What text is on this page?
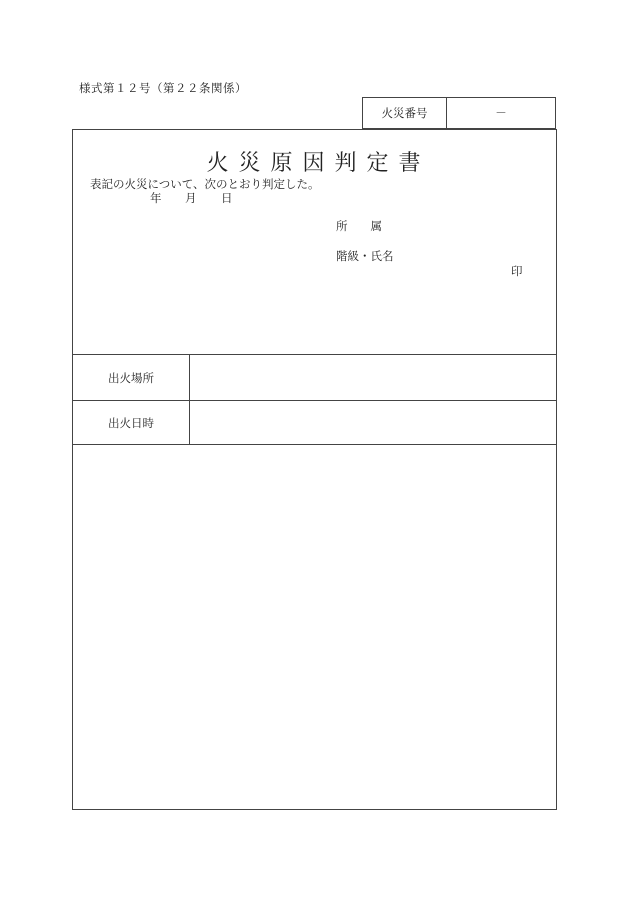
様式第１２号（第２２条関係）
火災番号	－
火災原因判定書
表記の火災について、次のとおり判定した。
年 月 日
所　　属
階級・氏名
印
出火場所
出火日時
